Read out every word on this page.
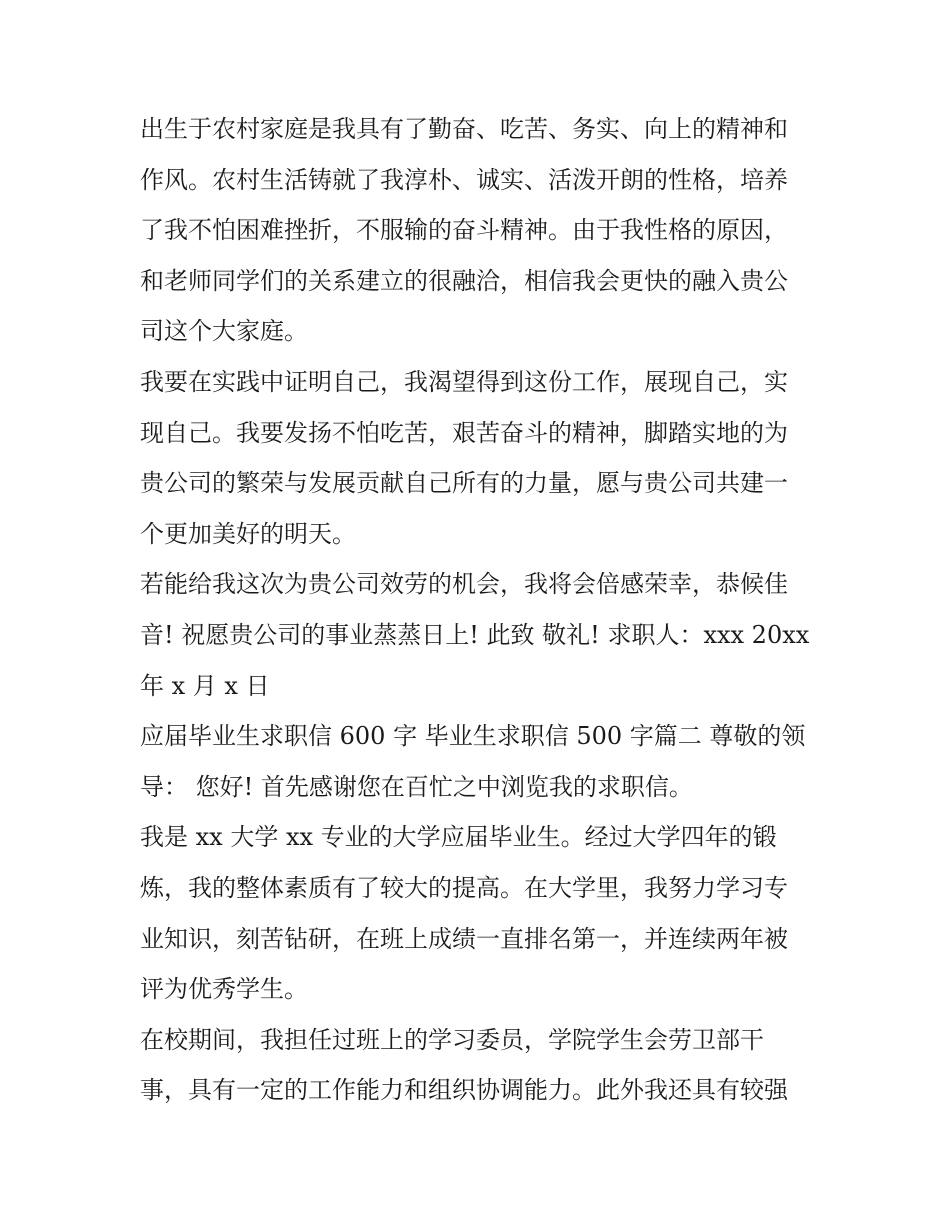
出生于农村家庭是我具有了勤奋、吃苦、务实、向上的精神和
作风。农村生活铸就了我淳朴、诚实、活泼开朗的性格，培养
了我不怕困难挫折，不服输的奋斗精神。由于我性格的原因，
和老师同学们的关系建立的很融洽，相信我会更快的融入贵公
司这个大家庭。
我要在实践中证明自己，我渴望得到这份工作，展现自己，实
现自己。我要发扬不怕吃苦，艰苦奋斗的精神，脚踏实地的为
贵公司的繁荣与发展贡献自己所有的力量，愿与贵公司共建一
个更加美好的明天。
若能给我这次为贵公司效劳的机会，我将会倍感荣幸，恭候佳
音! 祝愿贵公司的事业蒸蒸日上! 此致 敬礼! 求职人：xxx 20xx
年 x 月 x 日
应届毕业生求职信 600 字 毕业生求职信 500 字篇二 尊敬的领
导： 您好! 首先感谢您在百忙之中浏览我的求职信。
我是 xx 大学 xx 专业的大学应届毕业生。经过大学四年的锻
炼，我的整体素质有了较大的提高。在大学里，我努力学习专
业知识，刻苦钻研，在班上成绩一直排名第一，并连续两年被
评为优秀学生。
在校期间，我担任过班上的学习委员，学院学生会劳卫部干
事，具有一定的工作能力和组织协调能力。此外我还具有较强
